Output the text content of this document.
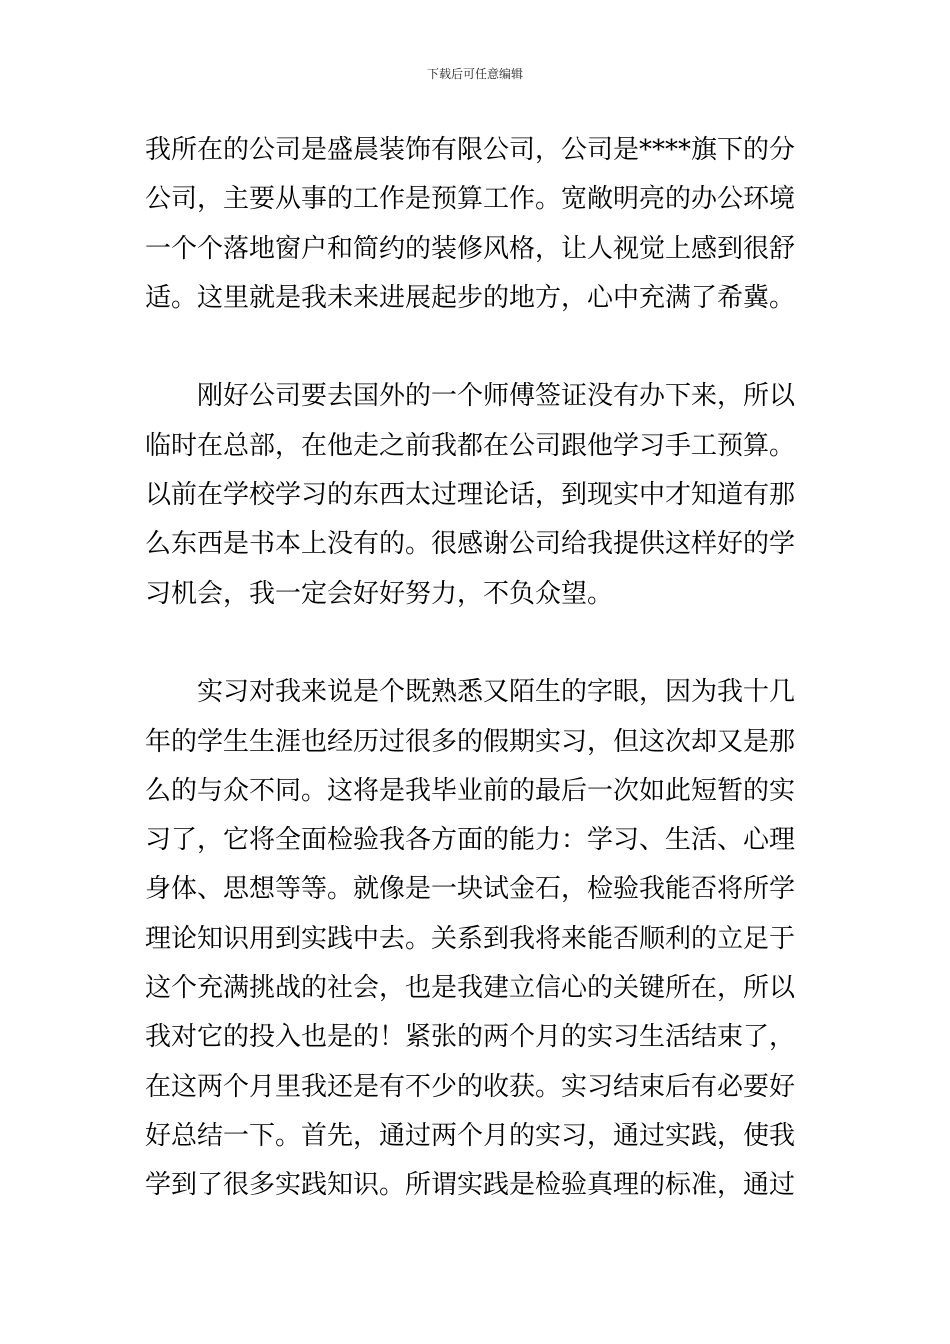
下载后可任意编辑
我所在的公司是盛晨装饰有限公司，公司是****旗下的分
公司，主要从事的工作是预算工作。宽敞明亮的办公环境
一个个落地窗户和简约的装修风格，让人视觉上感到很舒
适。这里就是我未来进展起步的地方，心中充满了希冀。
　　刚好公司要去国外的一个师傅签证没有办下来，所以
临时在总部，在他走之前我都在公司跟他学习手工预算。
以前在学校学习的东西太过理论话，到现实中才知道有那
么东西是书本上没有的。很感谢公司给我提供这样好的学
习机会，我一定会好好努力，不负众望。
　　实习对我来说是个既熟悉又陌生的字眼，因为我十几
年的学生生涯也经历过很多的假期实习，但这次却又是那
么的与众不同。这将是我毕业前的最后一次如此短暂的实
习了，它将全面检验我各方面的能力：学习、生活、心理
身体、思想等等。就像是一块试金石，检验我能否将所学
理论知识用到实践中去。关系到我将来能否顺利的立足于
这个充满挑战的社会，也是我建立信心的关键所在，所以
我对它的投入也是的！紧张的两个月的实习生活结束了，
在这两个月里我还是有不少的收获。实习结束后有必要好
好总结一下。首先，通过两个月的实习，通过实践，使我
学到了很多实践知识。所谓实践是检验真理的标准，通过
